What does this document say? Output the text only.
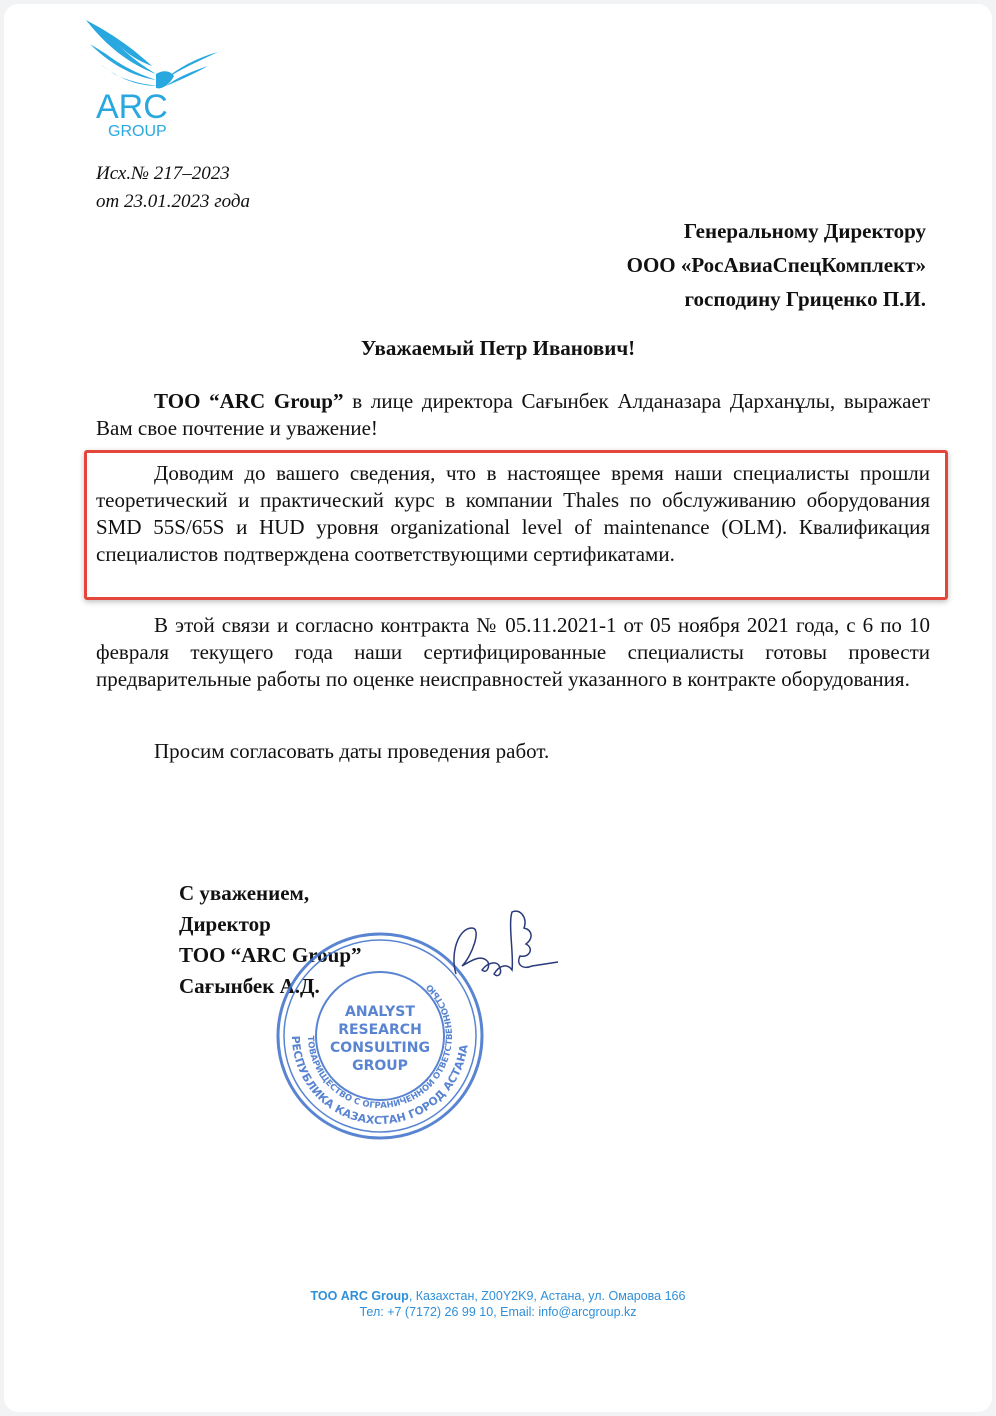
ARC
GROUP
Исх.№ 217–2023
от 23.01.2023 года
Генеральному Директору
ООО «РосАвиаСпецКомплект»
господину Гриценко П.И.
Уважаемый Петр Иванович!
ТОО “ARC Group” в лице директора Сағынбек Алданазара Дарханұлы, выражает Вам свое почтение и уважение!
Доводим до вашего сведения, что в настоящее время наши специалисты прошли теоретический и практический курс в компании Thales по обслуживанию оборудования SMD 55S/65S и HUD уровня organizational level of maintenance (OLM). Квалификация специалистов подтверждена соответствующими сертификатами.
В этой связи и согласно контракта № 05.11.2021-1 от 05 ноября 2021 года, с 6 по 10 февраля текущего года наши сертифицированные специалисты готовы провести предварительные работы по оценке неисправностей указанного в контракте оборудования.
Просим согласовать даты проведения работ.
С уважением,
Директор
ТОО “ARC Group”
Сағынбек А.Д.
РЕСПУБЛИКА КАЗАХСТАН ГОРОД АСТАНА
ТОВАРИЩЕСТВО С ОГРАНИЧЕННОЙ ОТВЕТСТВЕННОСТЬЮ
ANALYST
RESEARCH
CONSULTING
GROUP
ТОО ARC Group, Казахстан, Z00Y2K9, Астана, ул. Омарова 166
Тел: +7 (7172) 26 99 10, Email: info@arcgroup.kz
